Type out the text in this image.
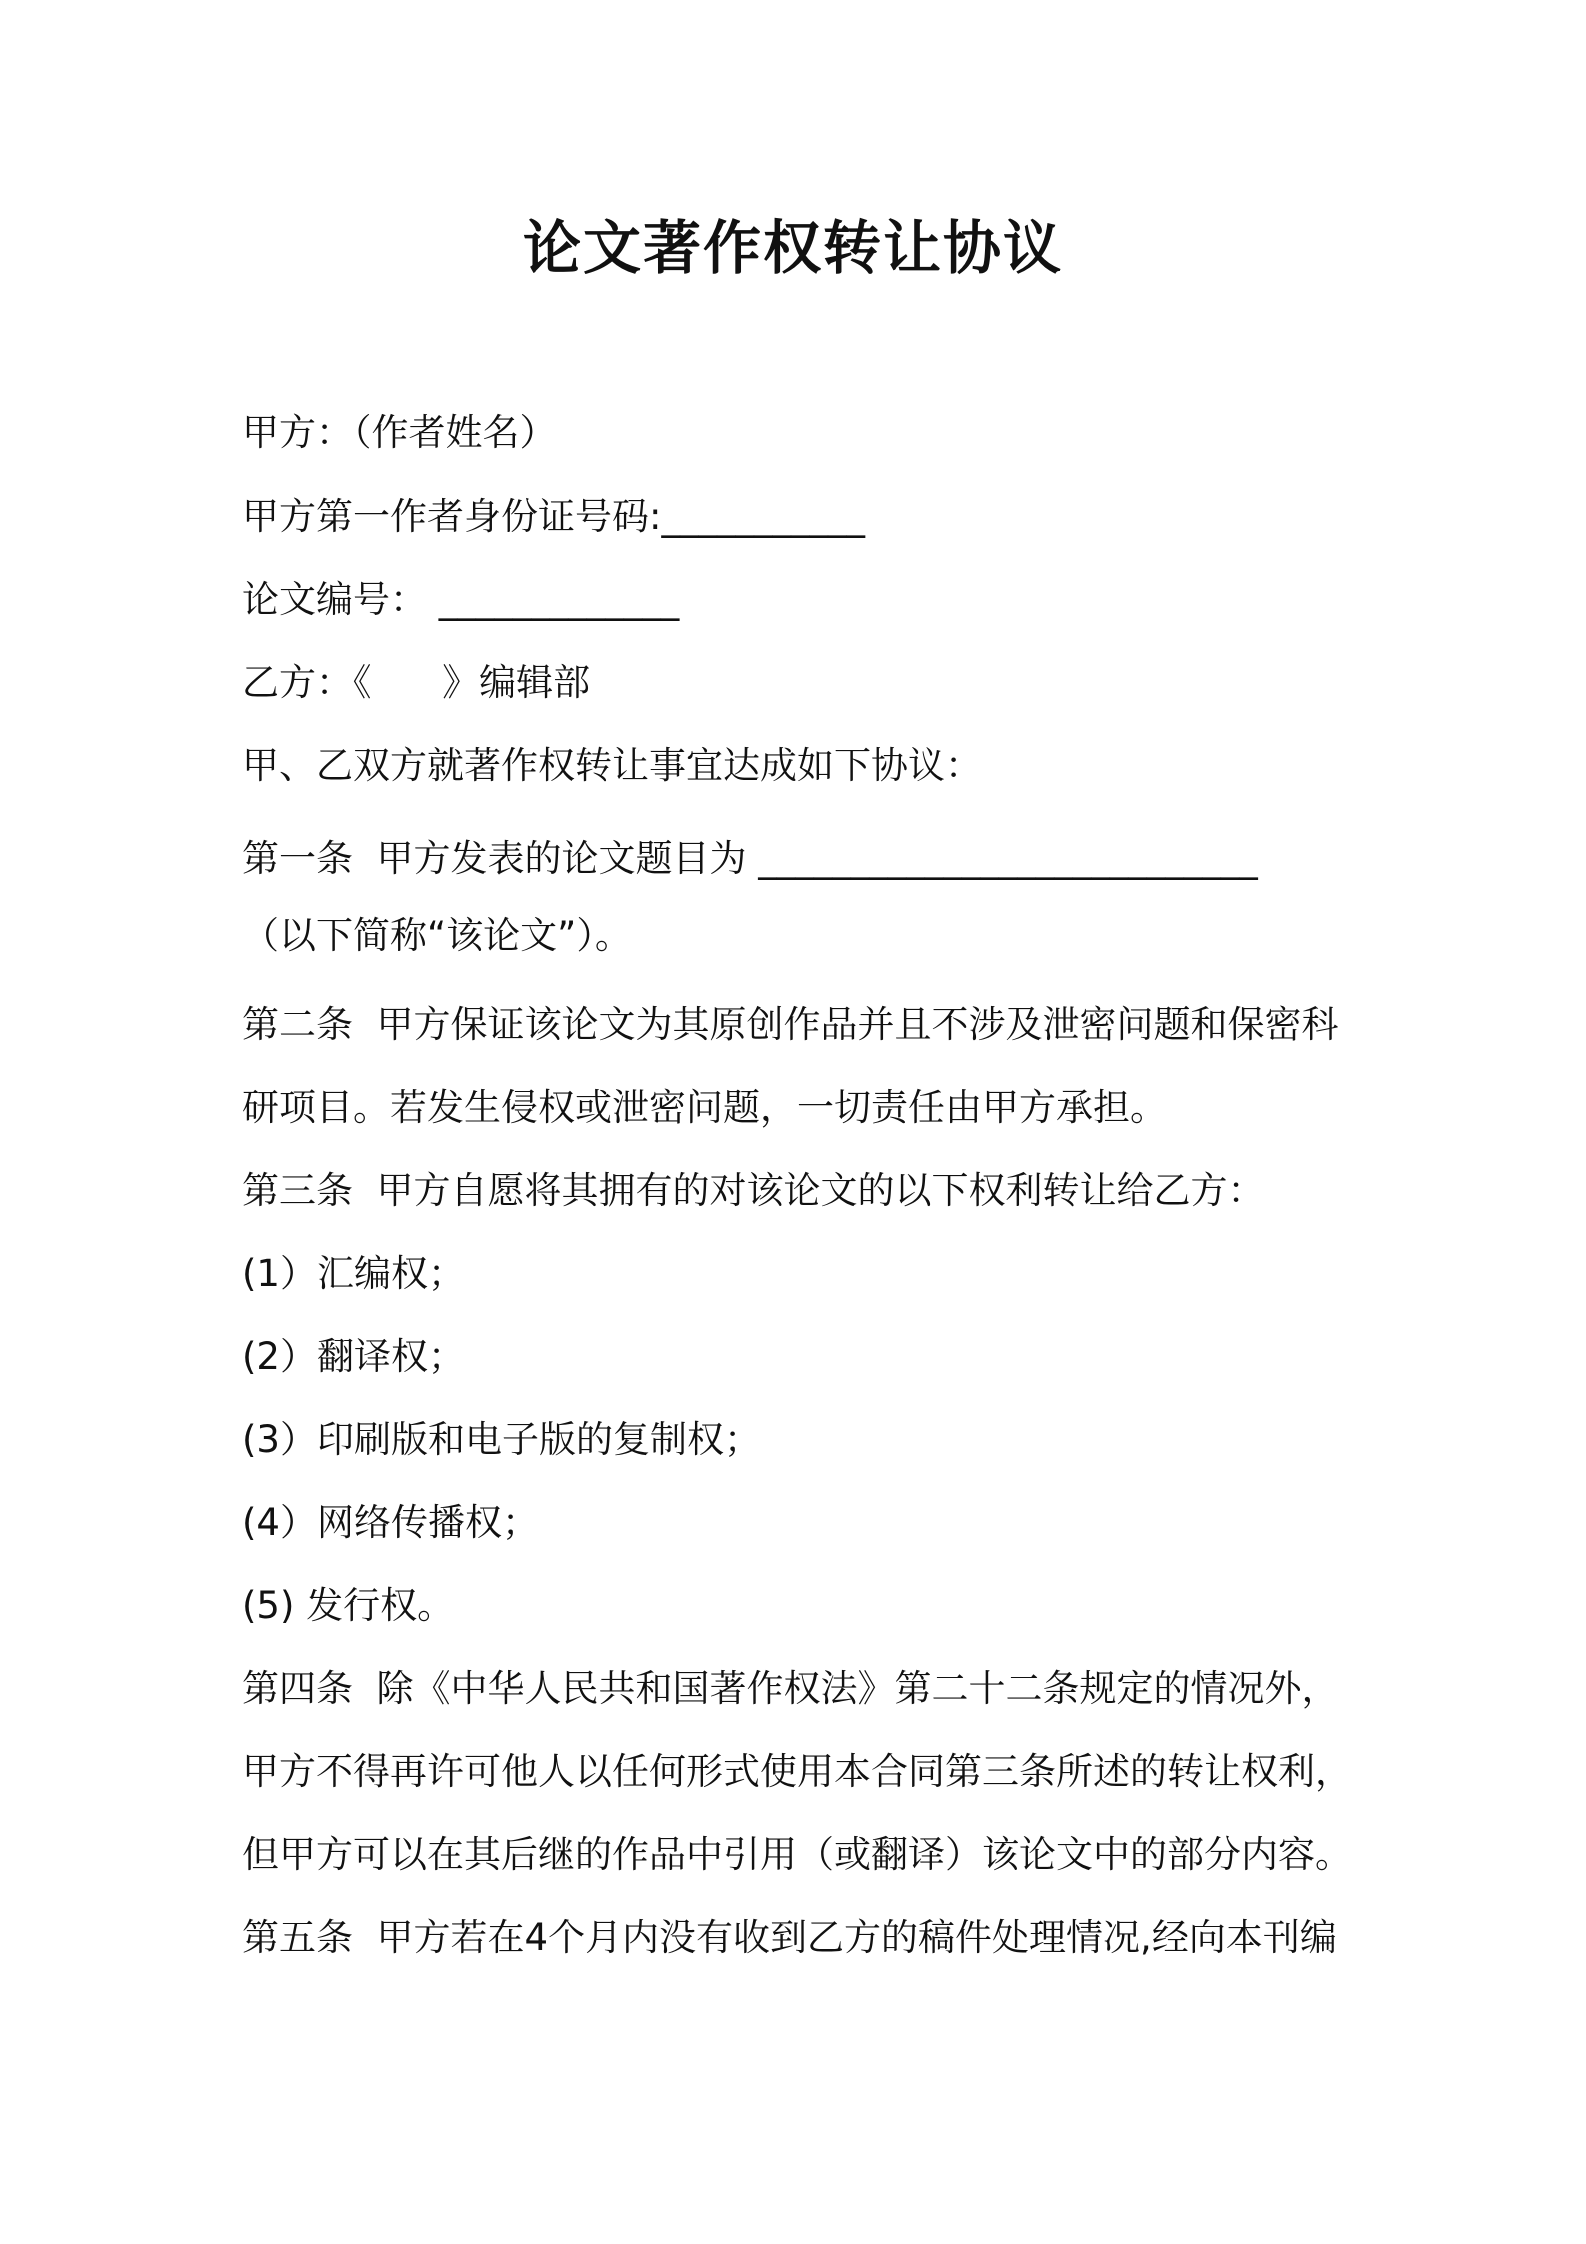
论文著作权转让协议
甲方：（作者姓名）
甲方第一作者身份证号码:___________
论文编号： _____________
乙方：《      》编辑部
甲、乙双方就著作权转让事宜达成如下协议：
第一条  甲方发表的论文题目为 ___________________________
（以下简称“该论文”）。
第二条  甲方保证该论文为其原创作品并且不涉及泄密问题和保密科
研项目。若发生侵权或泄密问题，一切责任由甲方承担。
第三条  甲方自愿将其拥有的对该论文的以下权利转让给乙方：
(1）汇编权；
(2）翻译权；
(3）印刷版和电子版的复制权；
(4）网络传播权；
(5) 发行权。
第四条  除《中华人民共和国著作权法》第二十二条规定的情况外，
甲方不得再许可他人以任何形式使用本合同第三条所述的转让权利，
但甲方可以在其后继的作品中引用（或翻译）该论文中的部分内容。
第五条  甲方若在4个月内没有收到乙方的稿件处理情况,经向本刊编
